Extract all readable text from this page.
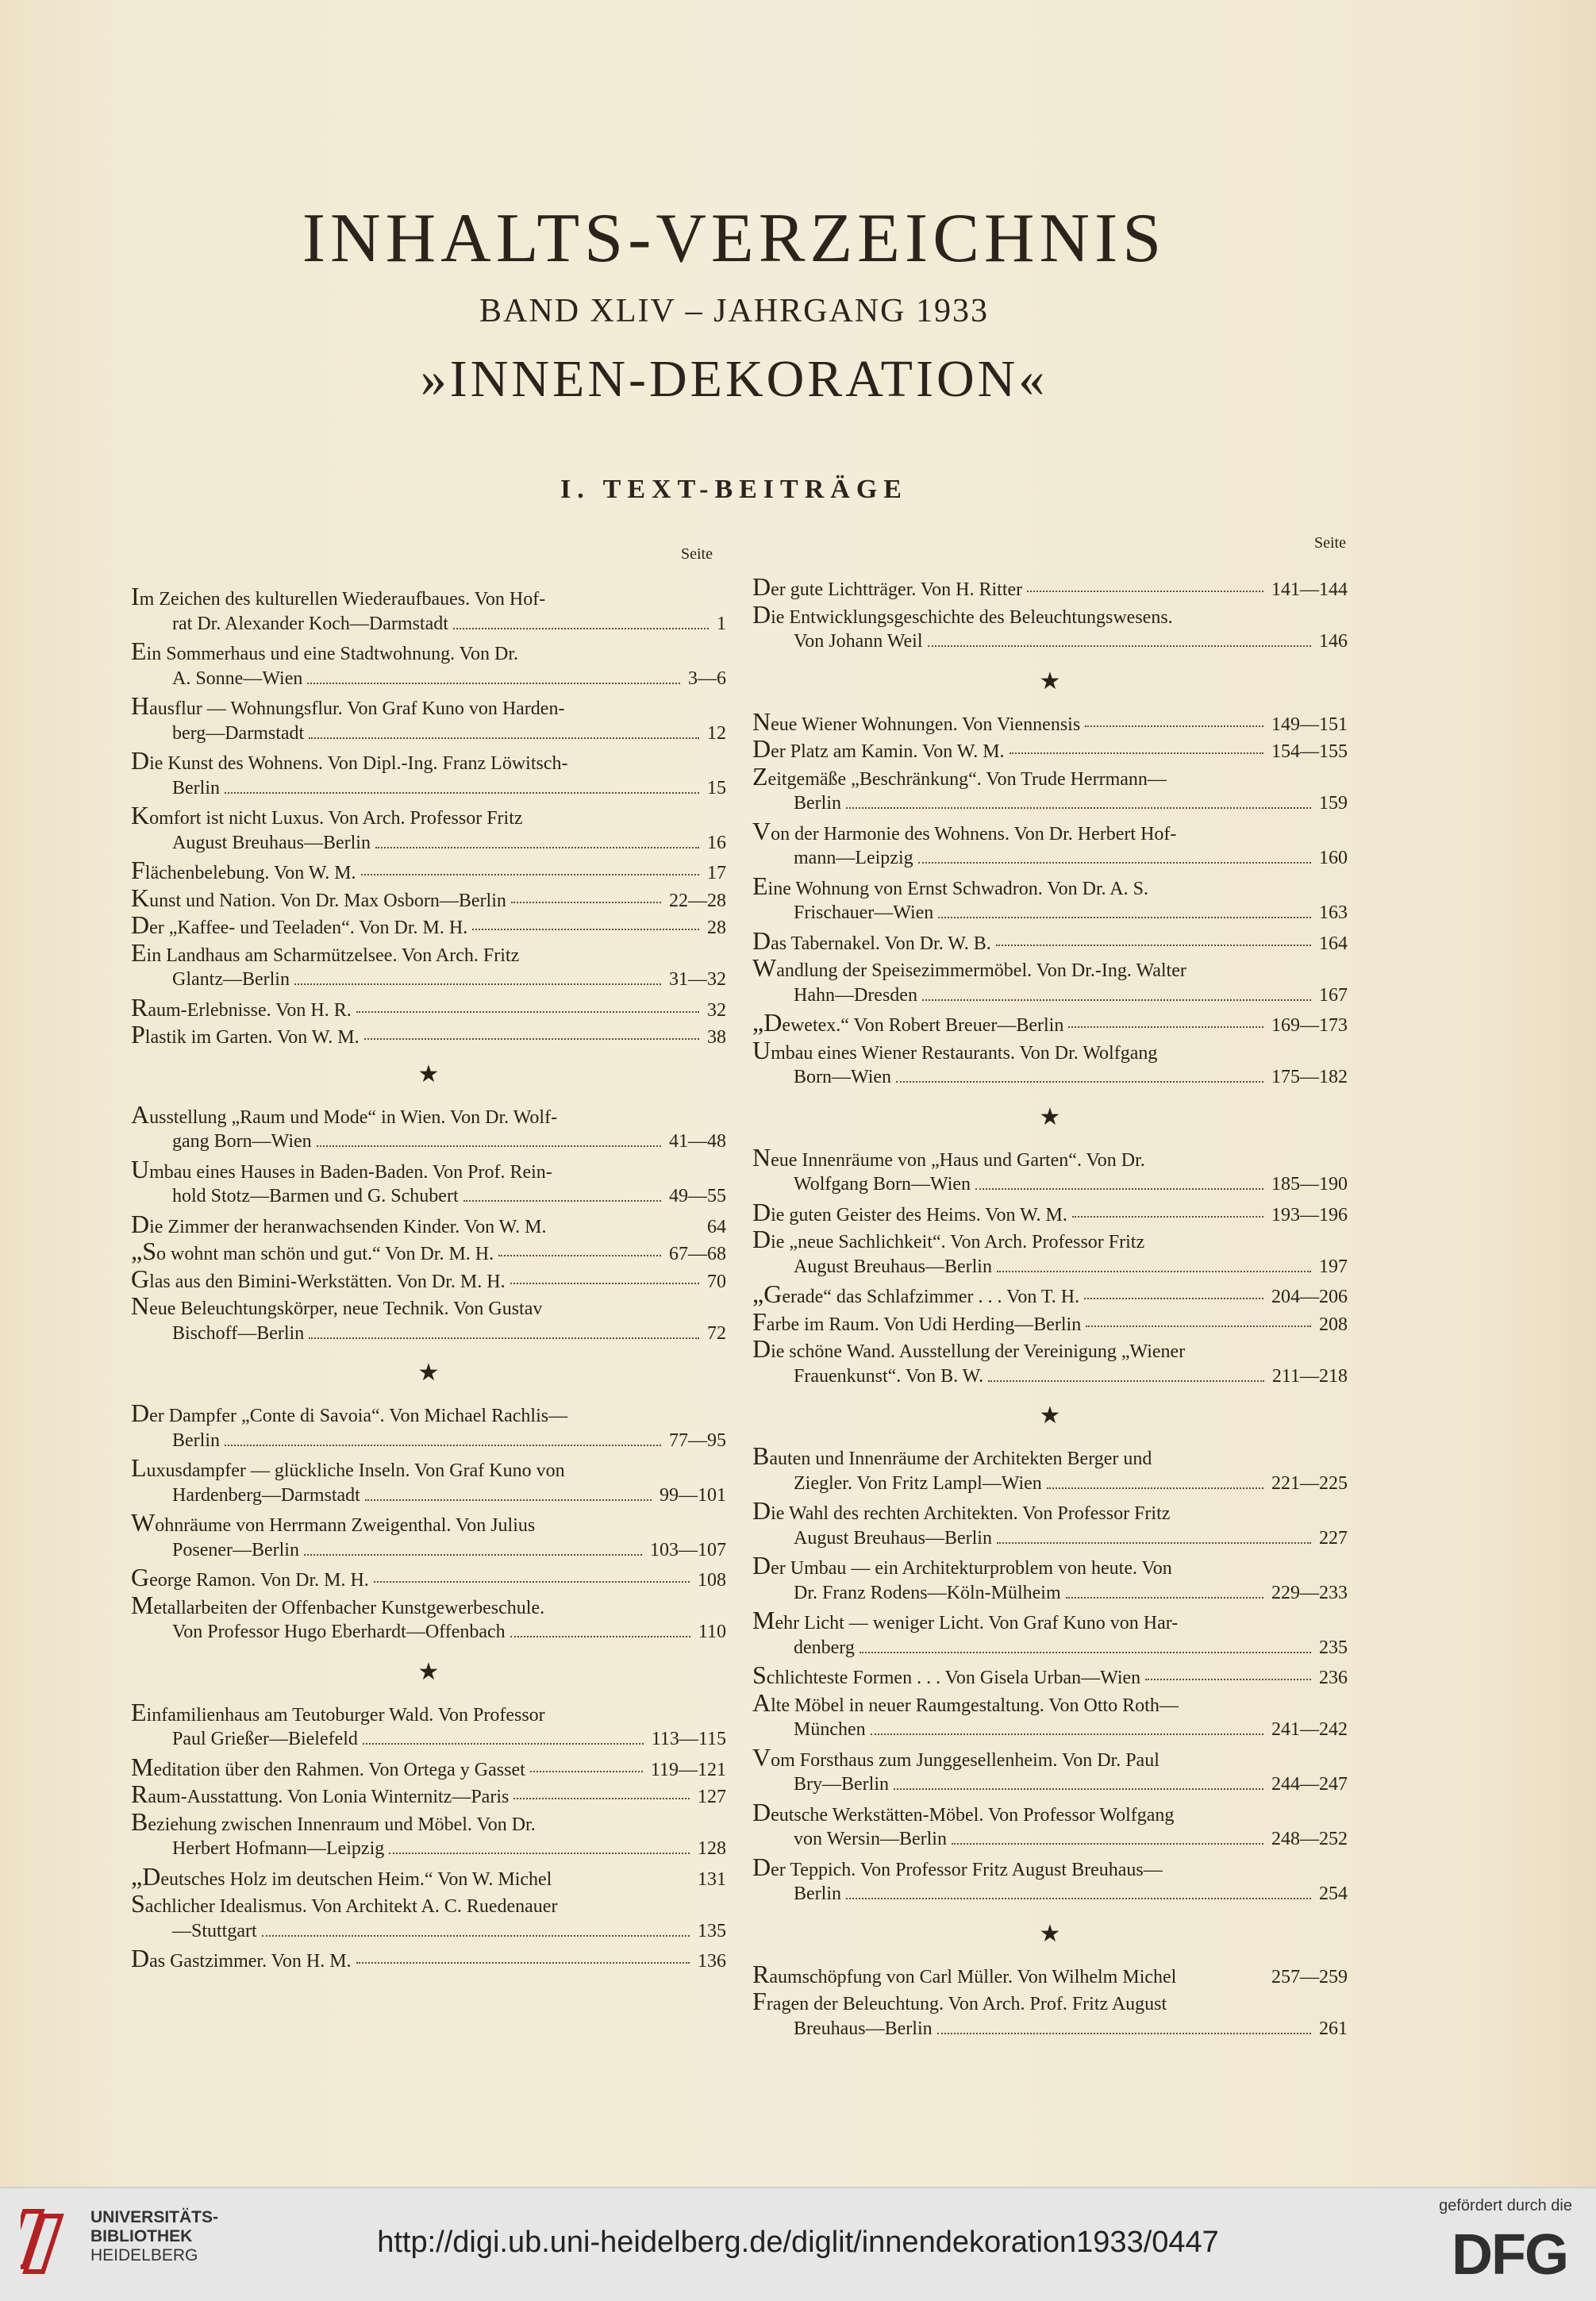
INHALTS-VERZEICHNIS
BAND XLIV – JAHRGANG 1933
»INNEN-DEKORATION«
I. TEXT-BEITRÄGE
Seite
Seite
Im Zeichen des kulturellen Wiederaufbaues. Von Hof-
rat Dr. Alexander Koch—Darmstadt	1
Ein Sommerhaus und eine Stadtwohnung. Von Dr.
A. Sonne—Wien	3—6
Hausflur — Wohnungsflur. Von Graf Kuno von Harden-
berg—Darmstadt	12
Die Kunst des Wohnens. Von Dipl.-Ing. Franz Löwitsch-
Berlin	15
Komfort ist nicht Luxus. Von Arch. Professor Fritz
August Breuhaus—Berlin	16
Flächenbelebung. Von W. M.	17
Kunst und Nation. Von Dr. Max Osborn—Berlin	22—28
Der „Kaffee- und Teeladen“. Von Dr. M. H.	28
Ein Landhaus am Scharmützelsee. Von Arch. Fritz
Glantz—Berlin	31—32
Raum-Erlebnisse. Von H. R.	32
Plastik im Garten. Von W. M.	38
★
Ausstellung „Raum und Mode“ in Wien. Von Dr. Wolf-
gang Born—Wien	41—48
Umbau eines Hauses in Baden-Baden. Von Prof. Rein-
hold Stotz—Barmen und G. Schubert	49—55
Die Zimmer der heranwachsenden Kinder. Von W. M.	64
„So wohnt man schön und gut.“ Von Dr. M. H.	67—68
Glas aus den Bimini-Werkstätten. Von Dr. M. H.	70
Neue Beleuchtungskörper, neue Technik. Von Gustav
Bischoff—Berlin	72
★
Der Dampfer „Conte di Savoia“. Von Michael Rachlis—
Berlin	77—95
Luxusdampfer — glückliche Inseln. Von Graf Kuno von
Hardenberg—Darmstadt	99—101
Wohnräume von Herrmann Zweigenthal. Von Julius
Posener—Berlin	103—107
George Ramon. Von Dr. M. H.	108
Metallarbeiten der Offenbacher Kunstgewerbeschule.
Von Professor Hugo Eberhardt—Offenbach	110
★
Einfamilienhaus am Teutoburger Wald. Von Professor
Paul Grießer—Bielefeld	113—115
Meditation über den Rahmen. Von Ortega y Gasset	119—121
Raum-Ausstattung. Von Lonia Winternitz—Paris	127
Beziehung zwischen Innenraum und Möbel. Von Dr.
Herbert Hofmann—Leipzig	128
„Deutsches Holz im deutschen Heim.“ Von W. Michel	131
Sachlicher Idealismus. Von Architekt A. C. Ruedenauer
—Stuttgart	135
Das Gastzimmer. Von H. M.	136
Der gute Lichtträger. Von H. Ritter	141—144
Die Entwicklungsgeschichte des Beleuchtungswesens.
Von Johann Weil	146
★
Neue Wiener Wohnungen. Von Viennensis	149—151
Der Platz am Kamin. Von W. M.	154—155
Zeitgemäße „Beschränkung“. Von Trude Herrmann—
Berlin	159
Von der Harmonie des Wohnens. Von Dr. Herbert Hof-
mann—Leipzig	160
Eine Wohnung von Ernst Schwadron. Von Dr. A. S.
Frischauer—Wien	163
Das Tabernakel. Von Dr. W. B.	164
Wandlung der Speisezimmermöbel. Von Dr.-Ing. Walter
Hahn—Dresden	167
„Dewetex.“ Von Robert Breuer—Berlin	169—173
Umbau eines Wiener Restaurants. Von Dr. Wolfgang
Born—Wien	175—182
★
Neue Innenräume von „Haus und Garten“. Von Dr.
Wolfgang Born—Wien	185—190
Die guten Geister des Heims. Von W. M.	193—196
Die „neue Sachlichkeit“. Von Arch. Professor Fritz
August Breuhaus—Berlin	197
„Gerade“ das Schlafzimmer . . . Von T. H.	204—206
Farbe im Raum. Von Udi Herding—Berlin	208
Die schöne Wand. Ausstellung der Vereinigung „Wiener
Frauenkunst“. Von B. W.	211—218
★
Bauten und Innenräume der Architekten Berger und
Ziegler. Von Fritz Lampl—Wien	221—225
Die Wahl des rechten Architekten. Von Professor Fritz
August Breuhaus—Berlin	227
Der Umbau — ein Architekturproblem von heute. Von
Dr. Franz Rodens—Köln-Mülheim	229—233
Mehr Licht — weniger Licht. Von Graf Kuno von Har-
denberg	235
Schlichteste Formen . . . Von Gisela Urban—Wien	236
Alte Möbel in neuer Raumgestaltung. Von Otto Roth—
München	241—242
Vom Forsthaus zum Junggesellenheim. Von Dr. Paul
Bry—Berlin	244—247
Deutsche Werkstätten-Möbel. Von Professor Wolfgang
von Wersin—Berlin	248—252
Der Teppich. Von Professor Fritz August Breuhaus—
Berlin	254
★
Raumschöpfung von Carl Müller. Von Wilhelm Michel	257—259
Fragen der Beleuchtung. Von Arch. Prof. Fritz August
Breuhaus—Berlin	261
UNIVERSITÄTS-
BIBLIOTHEK
HEIDELBERG	http://digi.ub.uni-heidelberg.de/diglit/innendekoration1933/0447
gefördert durch die
DFG
